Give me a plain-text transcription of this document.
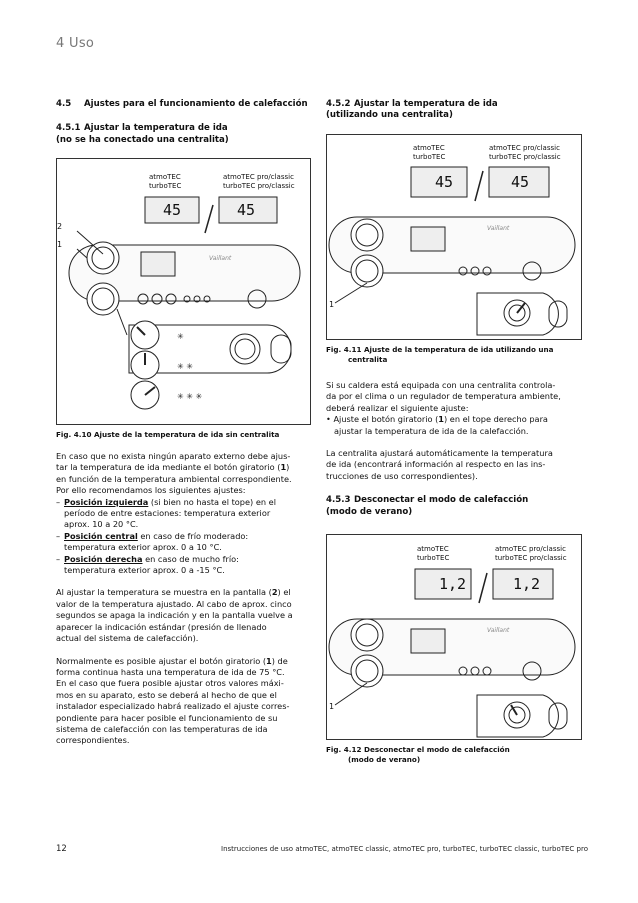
4 Uso
4.5 Ajustes para el funcionamiento de calefacción
4.5.1 Ajustar la temperatura de ida
(no se ha conectado una centralita)
atmoTEC
turboTEC
atmoTEC pro/classic
turboTEC pro/classic
2
1
✳
✳ ✳
✳ ✳ ✳
45	45
Vaillant
Fig. 4.10 Ajuste de la temperatura de ida sin centralita

En caso que no exista ningún aparato externo debe ajus-
tar la temperatura de ida mediante el botón giratorio (1)
en función de la temperatura ambiental correspondiente.
Por ello recomendamos los siguientes ajustes:

– Posición izquierda (si bien no hasta el tope) en el
período de entre estaciones: temperatura exterior
aprox. 10 a 20 °C.
– Posición central en caso de frío moderado:
temperatura exterior aprox. 0 a 10 °C.
– Posición derecha en caso de mucho frío:
temperatura exterior aprox. 0 a -15 °C.

Al ajustar la temperatura se muestra en la pantalla (2) el
valor de la temperatura ajustado. Al cabo de aprox. cinco
segundos se apaga la indicación y en la pantalla vuelve a
aparecer la indicación estándar (presión de llenado
actual del sistema de calefacción).

Normalmente es posible ajustar el botón giratorio (1) de
forma continua hasta una temperatura de ida de 75 °C.
En el caso que fuera posible ajustar otros valores máxi-
mos en su aparato, esto se deberá al hecho de que el
instalador especializado habrá realizado el ajuste corres-
pondiente para hacer posible el funcionamiento de su
sistema de calefacción con las temperaturas de ida
correspondientes.

4.5.2 Ajustar la temperatura de ida
(utilizando una centralita)
atmoTEC
turboTEC
atmoTEC pro/classic
turboTEC pro/classic
1
45	45
Vaillant
Fig. 4.11 Ajuste de la temperatura de ida utilizando una
centralita

Si su caldera está equipada con una centralita controla-
da por el clima o un regulador de temperatura ambiente,
deberá realizar el siguiente ajuste:
• Ajuste el botón giratorio (1) en el tope derecho para
ajustar la temperatura de ida de la calefacción.

La centralita ajustará automáticamente la temperatura
de ida (encontrará información al respecto en las ins-
trucciones de uso correspondientes).

4.5.3 Desconectar el modo de calefacción
(modo de verano)
atmoTEC
turboTEC
atmoTEC pro/classic
turboTEC pro/classic
1
1,2	1,2
Vaillant
Fig. 4.12 Desconectar el modo de calefacción
(modo de verano)
12	Instrucciones de uso atmoTEC, atmoTEC classic, atmoTEC pro, turboTEC, turboTEC classic, turboTEC pro
